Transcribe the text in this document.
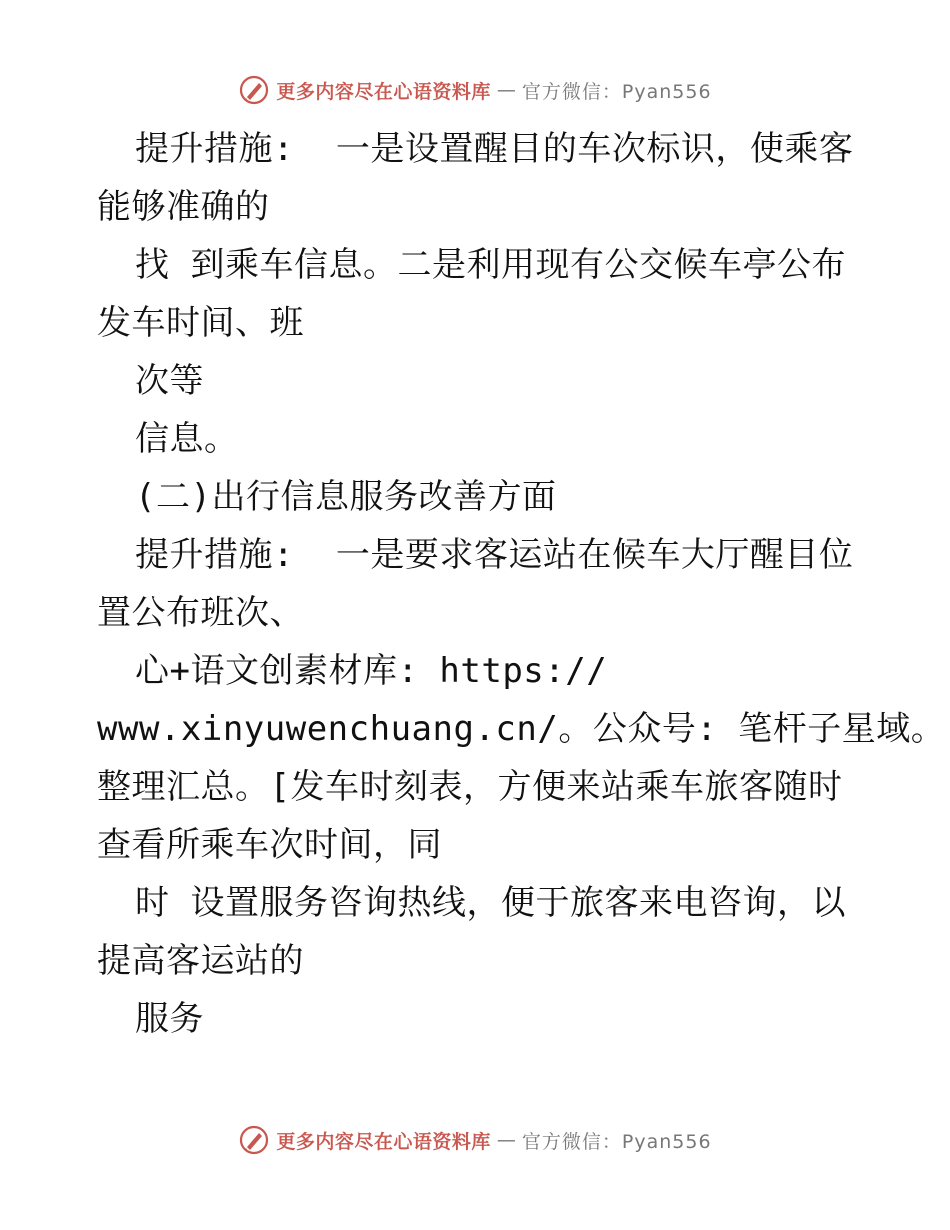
更多内容尽在心语资料库 — 官方微信：Pyan556
提升措施:  一是设置醒目的车次标识，使乘客
能够准确的
找 到乘车信息。二是利用现有公交候车亭公布
发车时间、班
次等
信息。
(二)出行信息服务改善方面
提升措施:  一是要求客运站在候车大厅醒目位
置公布班次、
心+语文创素材库: https://
www.xinyuwenchuang.cn/。公众号: 笔杆子星域。
整理汇总。[发车时刻表，方便来站乘车旅客随时
查看所乘车次时间，同
时 设置服务咨询热线，便于旅客来电咨询，以
提高客运站的
服务
更多内容尽在心语资料库 — 官方微信：Pyan556
